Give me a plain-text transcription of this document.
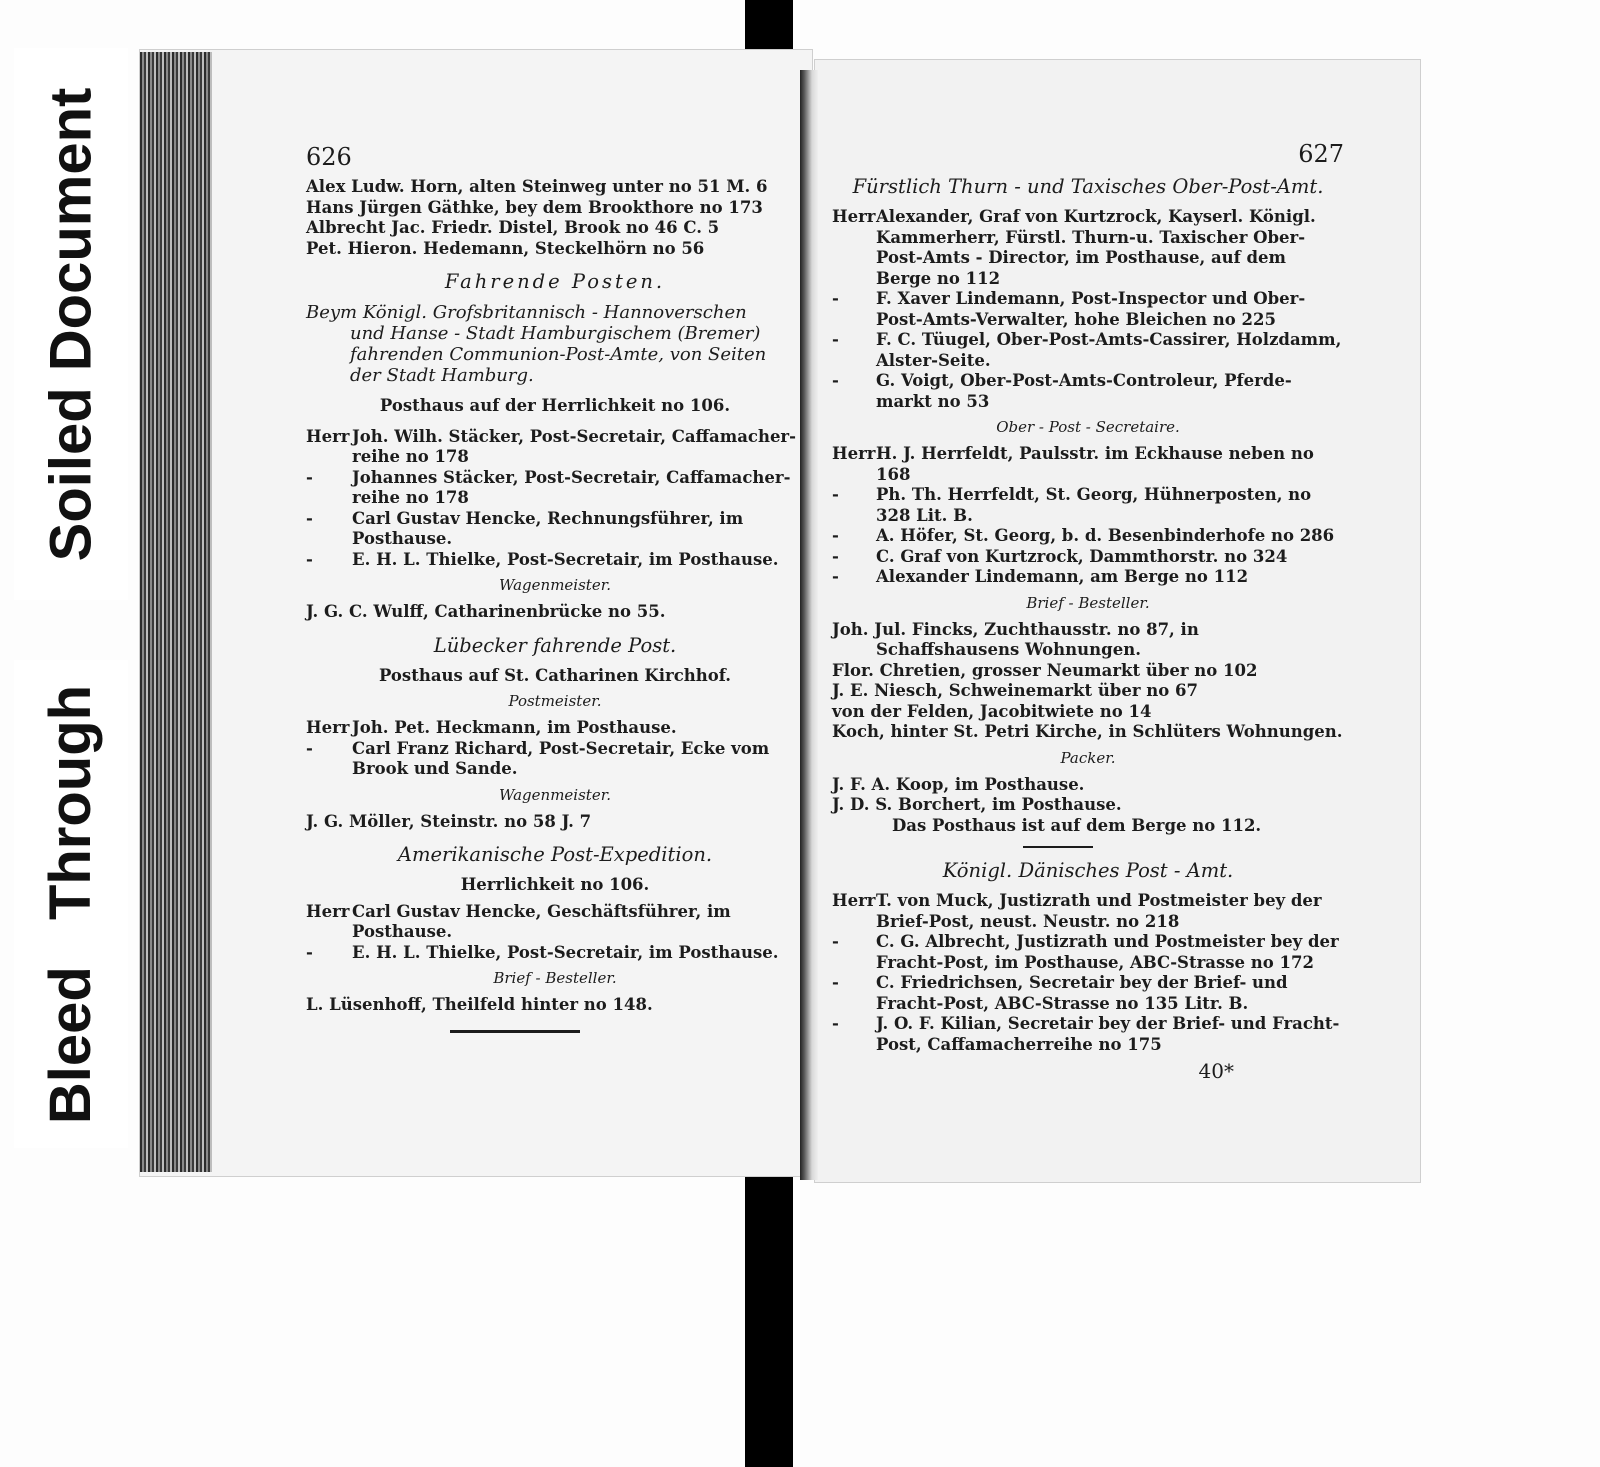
Soiled Document
Bleed Through
626
Alex Ludw. Horn, alten Steinweg unter no 51 M. 6
Hans Jürgen Gäthke, bey dem Brookthore no 173
Albrecht Jac. Friedr. Distel, Brook no 46 C. 5
Pet. Hieron. Hedemann, Steckelhörn no 56
Fahrende Posten.
Beym Königl. Grofsbritannisch - Hannoverschen
und Hanse - Stadt Hamburgischem (Bremer)
fahrenden Communion-Post-Amte, von Seiten
der Stadt Hamburg.
Posthaus auf der Herrlichkeit no 106.
Herr Joh. Wilh. Stäcker, Post-Secretair, Caffamacher-reihe no 178
- Johannes Stäcker, Post-Secretair, Caffamacher-reihe no 178
- Carl Gustav Hencke, Rechnungsführer, im Posthause.
- E. H. L. Thielke, Post-Secretair, im Posthause.
Wagenmeister.
J. G. C. Wulff, Catharinenbrücke no 55.
Lübecker fahrende Post.
Posthaus auf St. Catharinen Kirchhof.
Postmeister.
Herr Joh. Pet. Heckmann, im Posthause.
- Carl Franz Richard, Post-Secretair, Ecke vom Brook und Sande.
Wagenmeister.
J. G. Möller, Steinstr. no 58 J. 7
Amerikanische Post-Expedition.
Herrlichkeit no 106.
Herr Carl Gustav Hencke, Geschäftsführer, im Posthause.
- E. H. L. Thielke, Post-Secretair, im Posthause.
Brief - Besteller.
L. Lüsenhoff, Theilfeld hinter no 148.
627
Fürstlich Thurn - und Taxisches Ober-Post-Amt.
HerrAlexander, Graf von Kurtzrock, Kayserl. Königl. Kammerherr, Fürstl. Thurn-u. Taxischer Ober-Post-Amts - Director, im Posthause, auf dem Berge no 112
- F. Xaver Lindemann, Post-Inspector und Ober-Post-Amts-Verwalter, hohe Bleichen no 225
- F. C. Tüugel, Ober-Post-Amts-Cassirer, Holzdamm, Alster-Seite.
- G. Voigt, Ober-Post-Amts-Controleur, Pferde-markt no 53
Ober - Post - Secretaire.
HerrH. J. Herrfeldt, Paulsstr. im Eckhause neben no 168
- Ph. Th. Herrfeldt, St. Georg, Hühnerposten, no 328 Lit. B.
- A. Höfer, St. Georg, b. d. Besenbinderhofe no 286
- C. Graf von Kurtzrock, Dammthorstr. no 324
- Alexander Lindemann, am Berge no 112
Brief - Besteller.
Joh. Jul. Fincks, Zuchthausstr. no 87, in Schaffshausens Wohnungen.
Flor. Chretien, grosser Neumarkt über no 102
J. E. Niesch, Schweinemarkt über no 67
von der Felden, Jacobitwiete no 14
Koch, hinter St. Petri Kirche, in Schlüters Wohnungen.
Packer.
J. F. A. Koop, im Posthause.
J. D. S. Borchert, im Posthause.
Das Posthaus ist auf dem Berge no 112.
Königl. Dänisches Post - Amt.
HerrT. von Muck, Justizrath und Postmeister bey der Brief-Post, neust. Neustr. no 218
- C. G. Albrecht, Justizrath und Postmeister bey der Fracht-Post, im Posthause, ABC-Strasse no 172
- C. Friedrichsen, Secretair bey der Brief- und Fracht-Post, ABC-Strasse no 135 Litr. B.
- J. O. F. Kilian, Secretair bey der Brief- und Fracht-Post, Caffamacherreihe no 175
40*
